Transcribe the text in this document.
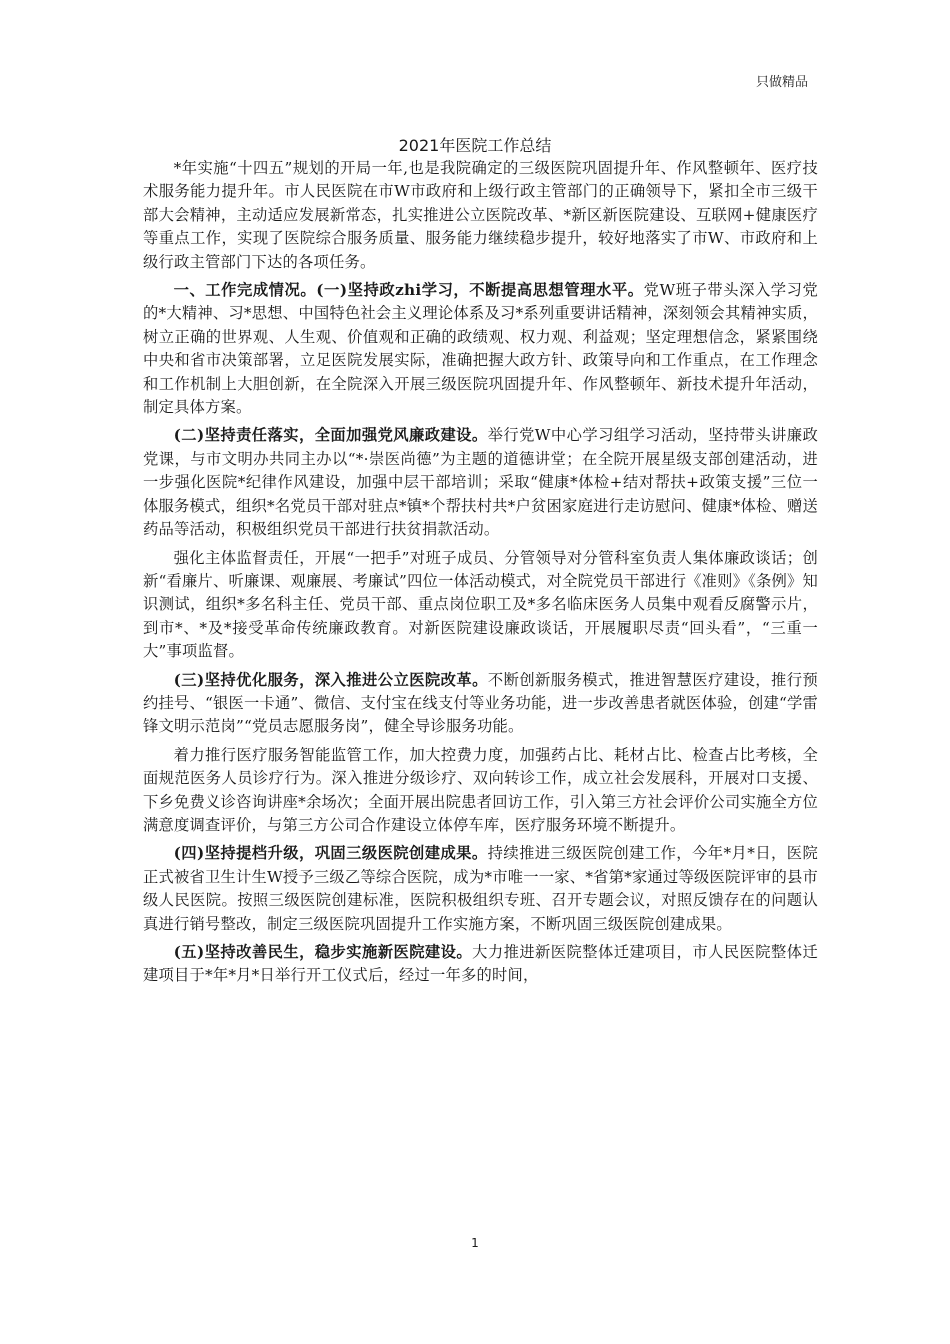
只做精品
2021年医院工作总结

*年实施“十四五”规划的开局一年,也是我院确定的三级医院巩固提升年、作风整顿年、医疗技术服务能力提升年。市人民医院在市W市政府和上级行政主管部门的正确领导下，紧扣全市三级干部大会精神，主动适应发展新常态，扎实推进公立医院改革、*新区新医院建设、互联网+健康医疗等重点工作，实现了医院综合服务质量、服务能力继续稳步提升，较好地落实了市W、市政府和上级行政主管部门下达的各项任务。

一、工作完成情况。(一)坚持政zhi学习，不断提高思想管理水平。党W班子带头深入学习党的*大精神、习*思想、中国特色社会主义理论体系及习*系列重要讲话精神，深刻领会其精神实质，树立正确的世界观、人生观、价值观和正确的政绩观、权力观、利益观；坚定理想信念，紧紧围绕中央和省市决策部署，立足医院发展实际，准确把握大政方针、政策导向和工作重点，在工作理念和工作机制上大胆创新，在全院深入开展三级医院巩固提升年、作风整顿年、新技术提升年活动，制定具体方案。

(二)坚持责任落实，全面加强党风廉政建设。举行党W中心学习组学习活动，坚持带头讲廉政党课，与市文明办共同主办以“*·崇医尚德”为主题的道德讲堂；在全院开展星级支部创建活动，进一步强化医院*纪律作风建设，加强中层干部培训；采取“健康*体检+结对帮扶+政策支援”三位一体服务模式，组织*名党员干部对驻点*镇*个帮扶村共*户贫困家庭进行走访慰问、健康*体检、赠送药品等活动，积极组织党员干部进行扶贫捐款活动。

强化主体监督责任，开展“一把手”对班子成员、分管领导对分管科室负责人集体廉政谈话；创新“看廉片、听廉课、观廉展、考廉试”四位一体活动模式，对全院党员干部进行《准则》《条例》知识测试，组织*多名科主任、党员干部、重点岗位职工及*多名临床医务人员集中观看反腐警示片，到市*、*及*接受革命传统廉政教育。对新医院建设廉政谈话，开展履职尽责“回头看”，“三重一大”事项监督。

(三)坚持优化服务，深入推进公立医院改革。不断创新服务模式，推进智慧医疗建设，推行预约挂号、“银医一卡通”、微信、支付宝在线支付等业务功能，进一步改善患者就医体验，创建“学雷锋文明示范岗”“党员志愿服务岗”，健全导诊服务功能。

着力推行医疗服务智能监管工作，加大控费力度，加强药占比、耗材占比、检查占比考核，全面规范医务人员诊疗行为。深入推进分级诊疗、双向转诊工作，成立社会发展科，开展对口支援、下乡免费义诊咨询讲座*余场次；全面开展出院患者回访工作，引入第三方社会评价公司实施全方位满意度调查评价，与第三方公司合作建设立体停车库，医疗服务环境不断提升。

(四)坚持提档升级，巩固三级医院创建成果。持续推进三级医院创建工作，今年*月*日，医院正式被省卫生计生W授予三级乙等综合医院，成为*市唯一一家、*省第*家通过等级医院评审的县市级人民医院。按照三级医院创建标准，医院积极组织专班、召开专题会议，对照反馈存在的问题认真进行销号整改，制定三级医院巩固提升工作实施方案，不断巩固三级医院创建成果。

(五)坚持改善民生，稳步实施新医院建设。大力推进新医院整体迁建项目，市人民医院整体迁建项目于*年*月*日举行开工仪式后，经过一年多的时间，

1
